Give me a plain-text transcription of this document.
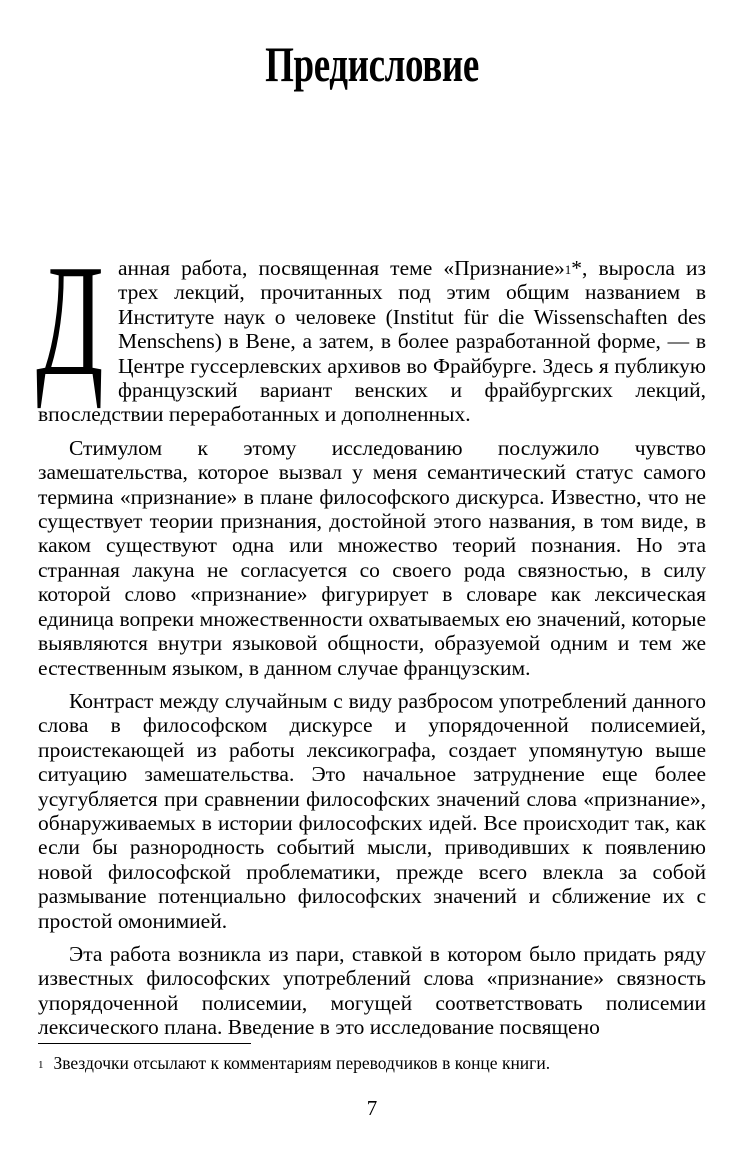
Предисловие

Данная работа, посвященная теме «Признание»$^1$*, выросла из трех лекций, прочитанных под этим общим названием в Институте наук о человеке (Institut für die Wissenschaften des Menschens) в Вене, а затем, в более разработанной форме, — в Центре гуссерлевских архивов во Фрайбурге. Здесь я публикую французский вариант венских и фрайбургских лекций, впоследствии переработанных и дополненных.

Стимулом к этому исследованию послужило чувство замешательства, которое вызвал у меня семантический статус самого термина «признание» в плане философского дискурса. Известно, что не существует теории признания, достойной этого названия, в том виде, в каком существуют одна или множество теорий познания. Но эта странная лакуна не согласуется со своего рода связностью, в силу которой слово «признание» фигурирует в словаре как лексическая единица вопреки множественности охватываемых ею значений, которые выявляются внутри языковой общности, образуемой одним и тем же естественным языком, в данном случае французским.

Контраст между случайным с виду разбросом употреблений данного слова в философском дискурсе и упорядоченной полисемией, проистекающей из работы лексикографа, создает упомянутую выше ситуацию замешательства. Это начальное затруднение еще более усугубляется при сравнении философских значений слова «признание», обнаруживаемых в истории философских идей. Все происходит так, как если бы разнородность событий мысли, приводивших к появлению новой философской проблематики, прежде всего влекла за собой размывание потенциально философских значений и сближение их с простой омонимией.

Эта работа возникла из пари, ставкой в котором было придать ряду известных философских употреблений слова «признание» связность упорядоченной полисемии, могущей соответствовать полисемии лексического плана. Введение в это исследование посвящено

$^1$ Звездочки отсылают к комментариям переводчиков в конце книги.
7
